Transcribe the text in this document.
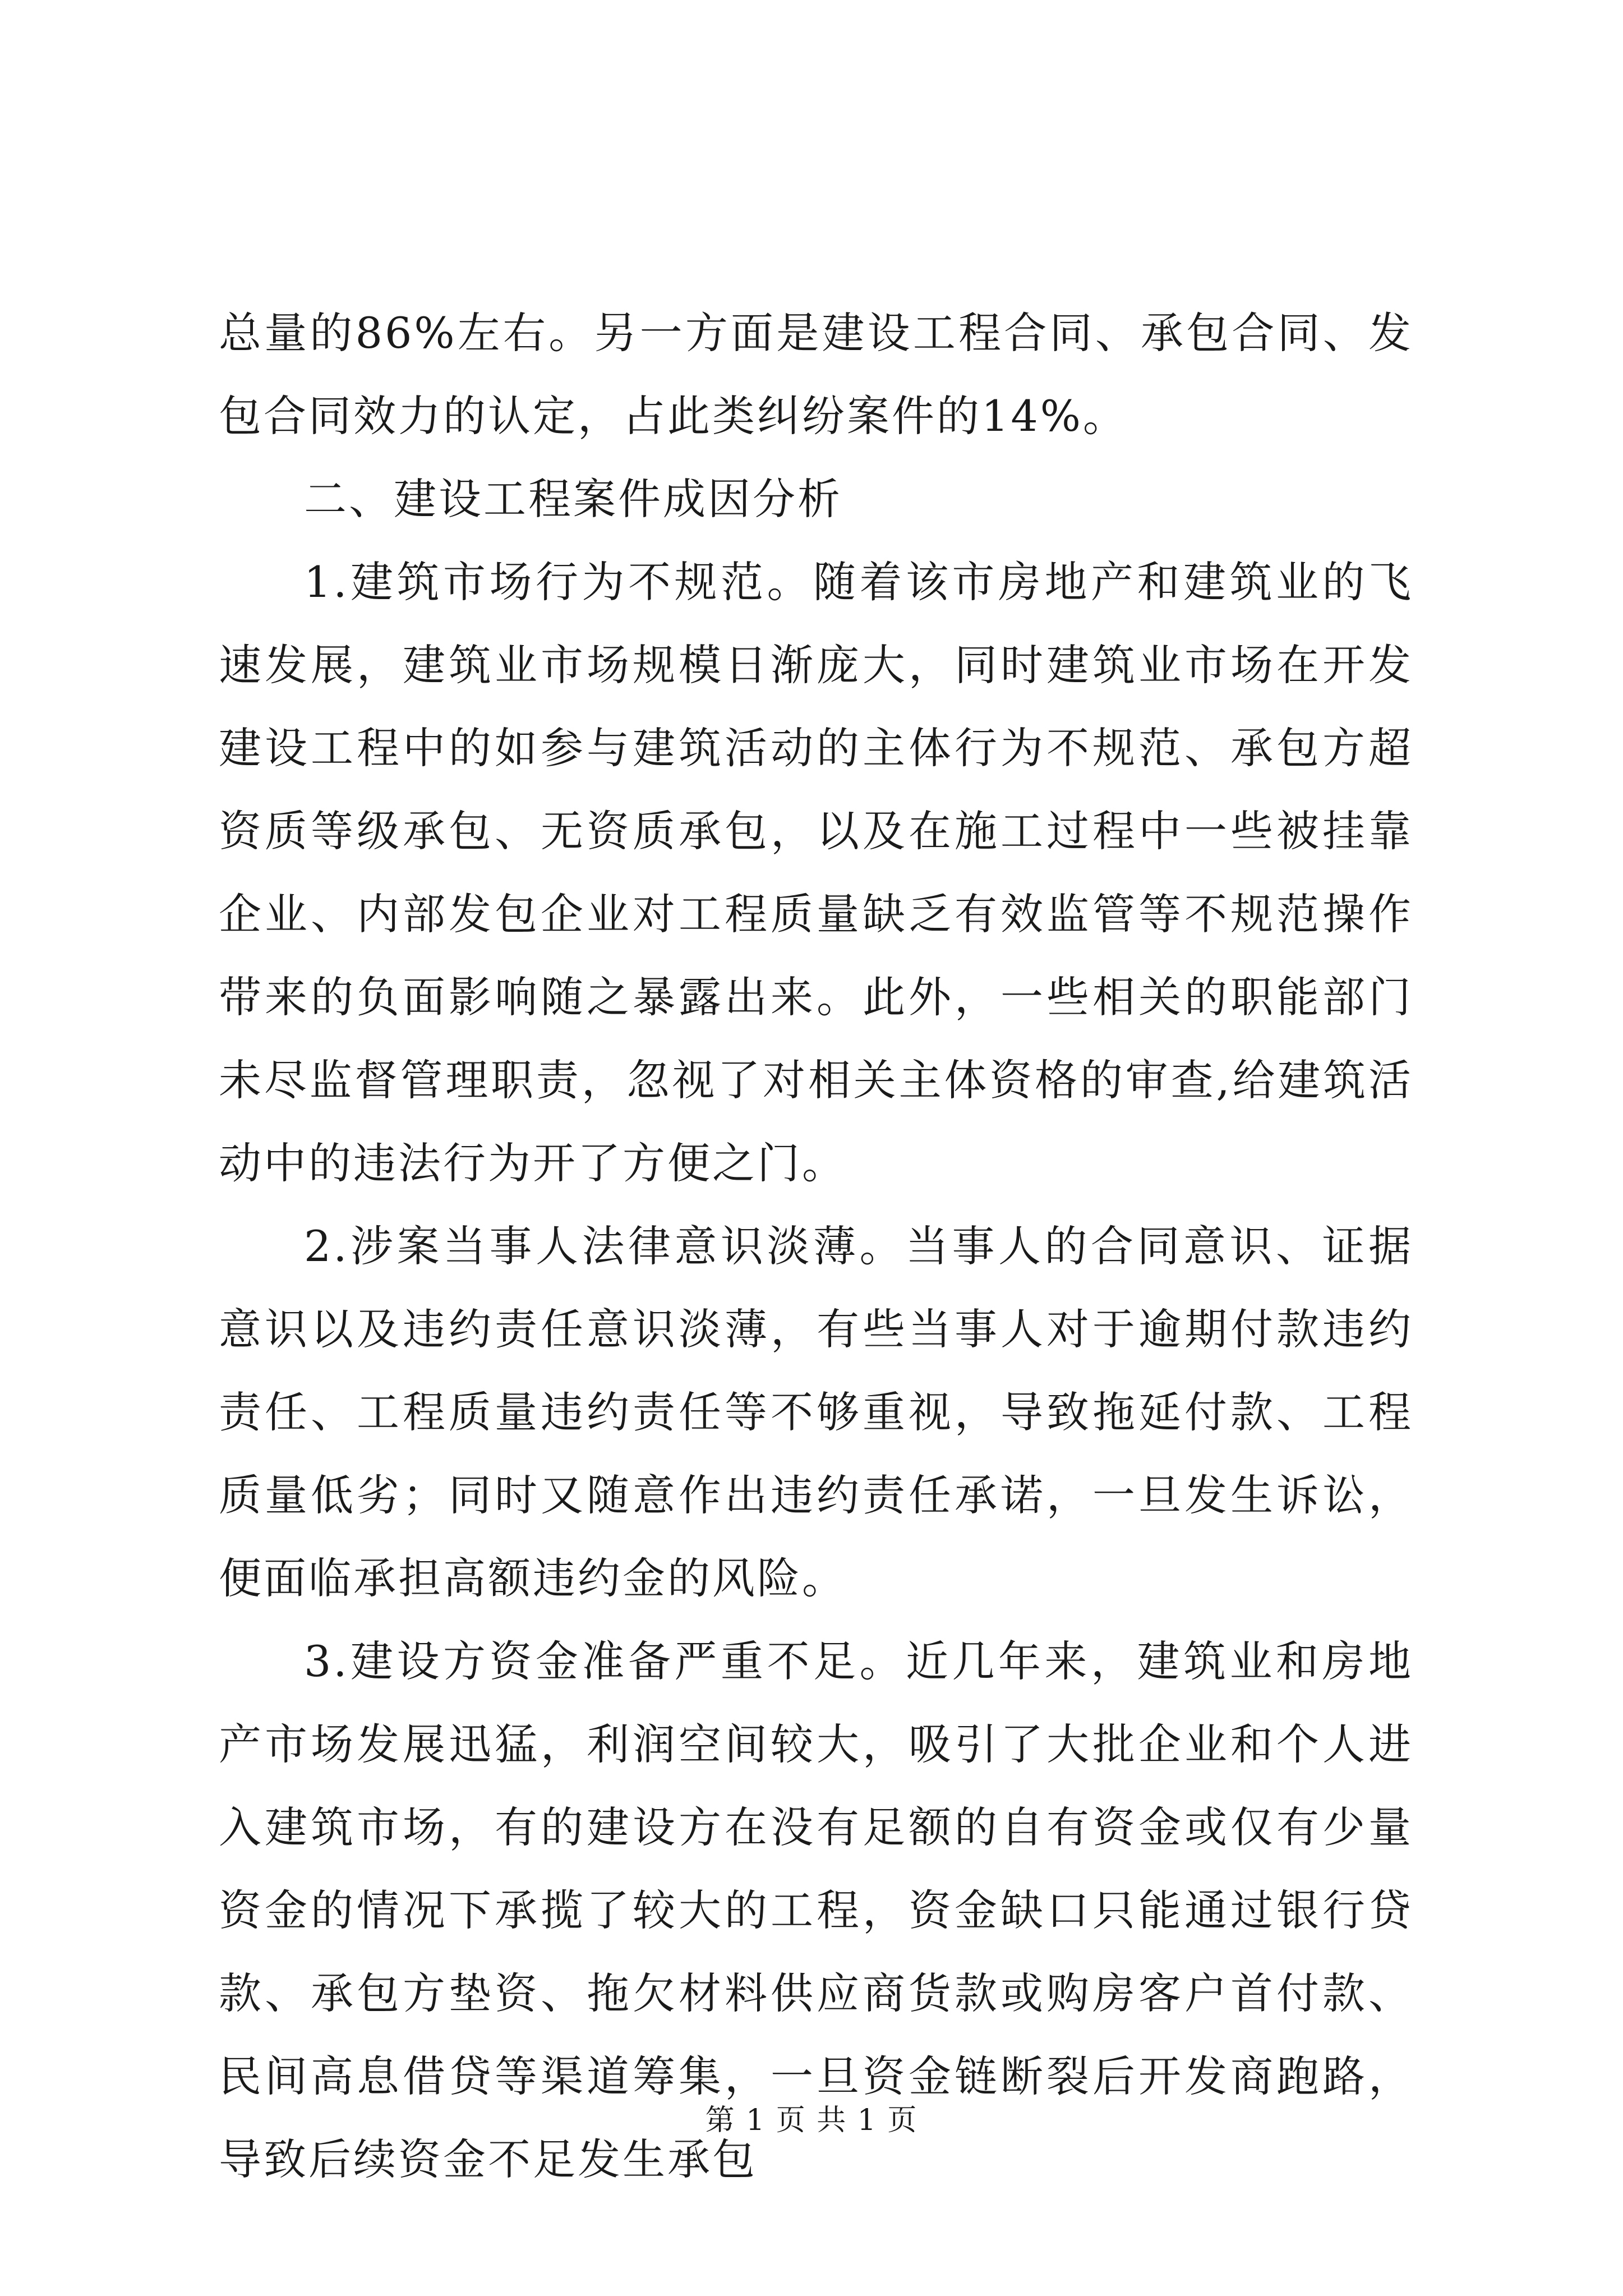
总量的86%左右。另一方面是建设工程合同、承包合同、发包合同效力的认定，占此类纠纷案件的14%。

二、建设工程案件成因分析

1.建筑市场行为不规范。随着该市房地产和建筑业的飞速发展，建筑业市场规模日渐庞大，同时建筑业市场在开发建设工程中的如参与建筑活动的主体行为不规范、承包方超资质等级承包、无资质承包，以及在施工过程中一些被挂靠企业、内部发包企业对工程质量缺乏有效监管等不规范操作带来的负面影响随之暴露出来。此外，一些相关的职能部门未尽监督管理职责，忽视了对相关主体资格的审查,给建筑活动中的违法行为开了方便之门。

2.涉案当事人法律意识淡薄。当事人的合同意识、证据意识以及违约责任意识淡薄，有些当事人对于逾期付款违约责任、工程质量违约责任等不够重视，导致拖延付款、工程质量低劣；同时又随意作出违约责任承诺，一旦发生诉讼，便面临承担高额违约金的风险。

3.建设方资金准备严重不足。近几年来，建筑业和房地产市场发展迅猛，利润空间较大，吸引了大批企业和个人进入建筑市场，有的建设方在没有足额的自有资金或仅有少量资金的情况下承揽了较大的工程，资金缺口只能通过银行贷款、承包方垫资、拖欠材料供应商货款或购房客户首付款、民间高息借贷等渠道筹集，一旦资金链断裂后开发商跑路，导致后续资金不足发生承包

第 1 页 共 1 页
